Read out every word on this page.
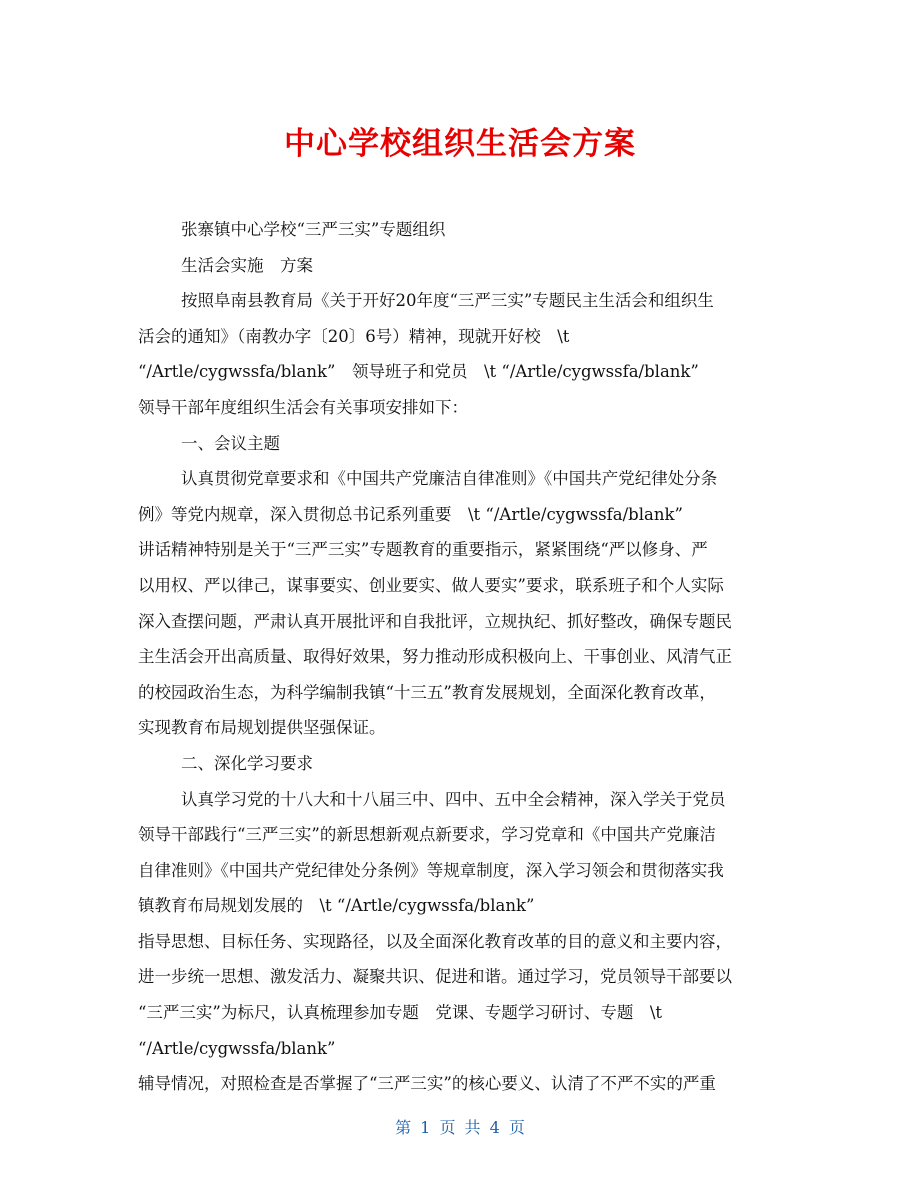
中心学校组织生活会方案
张寨镇中心学校“三严三实”专题组织
生活会实施　方案
按照阜南县教育局《关于开好20年度“三严三实”专题民主生活会和组织生
活会的通知》（南教办字〔20〕6号）精神，现就开好校　\t
“/Artle/cygwssfa/blank”　领导班子和党员　\t “/Artle/cygwssfa/blank”
领导干部年度组织生活会有关事项安排如下：
一、会议主题
认真贯彻党章要求和《中国共产党廉洁自律准则》《中国共产党纪律处分条
例》等党内规章，深入贯彻总书记系列重要　\t “/Artle/cygwssfa/blank”
讲话精神特别是关于“三严三实”专题教育的重要指示，紧紧围绕“严以修身、严
以用权、严以律己，谋事要实、创业要实、做人要实”要求，联系班子和个人实际
深入查摆问题，严肃认真开展批评和自我批评，立规执纪、抓好整改，确保专题民
主生活会开出高质量、取得好效果，努力推动形成积极向上、干事创业、风清气正
的校园政治生态，为科学编制我镇“十三五”教育发展规划，全面深化教育改革，
实现教育布局规划提供坚强保证。
二、深化学习要求
认真学习党的十八大和十八届三中、四中、五中全会精神，深入学关于党员
领导干部践行“三严三实”的新思想新观点新要求，学习党章和《中国共产党廉洁
自律准则》《中国共产党纪律处分条例》等规章制度，深入学习领会和贯彻落实我
镇教育布局规划发展的　\t “/Artle/cygwssfa/blank”
指导思想、目标任务、实现路径，以及全面深化教育改革的目的意义和主要内容，
进一步统一思想、激发活力、凝聚共识、促进和谐。通过学习，党员领导干部要以
“三严三实”为标尺，认真梳理参加专题　党课、专题学习研讨、专题　\t
“/Artle/cygwssfa/blank”
辅导情况，对照检查是否掌握了“三严三实”的核心要义、认清了不严不实的严重
第 1 页 共 4 页
